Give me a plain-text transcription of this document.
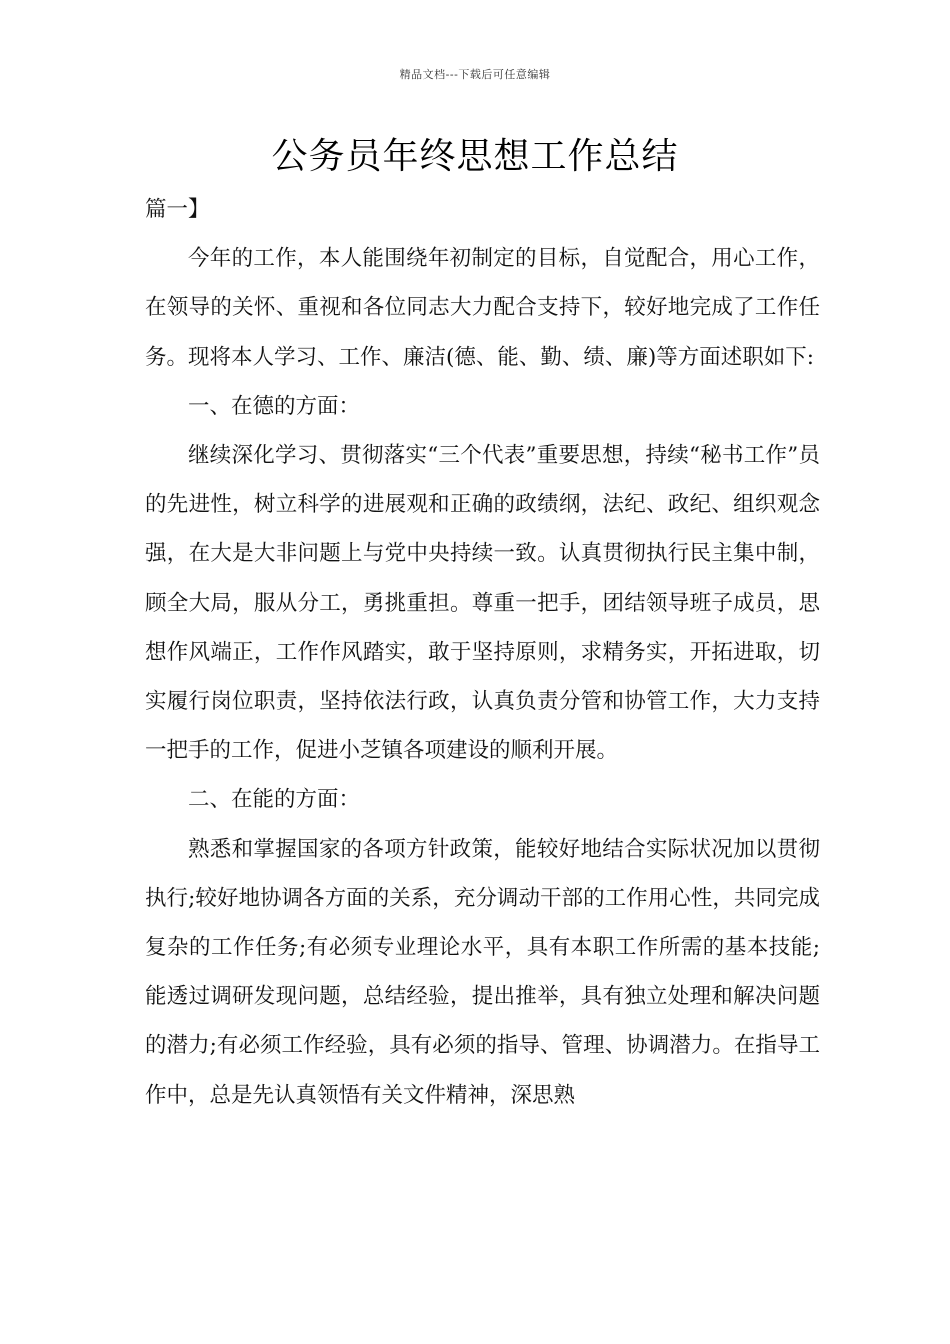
精品文档---下载后可任意编辑
公务员年终思想工作总结

篇一】

今年的工作，本人能围绕年初制定的目标，自觉配合，用心工作，在领导的关怀、重视和各位同志大力配合支持下，较好地完成了工作任务。现将本人学习、工作、廉洁(德、能、勤、绩、廉)等方面述职如下:

一、在德的方面：

继续深化学习、贯彻落实“三个代表”重要思想，持续“秘书工作”员的先进性，树立科学的进展观和正确的政绩纲，法纪、政纪、组织观念强，在大是大非问题上与党中央持续一致。认真贯彻执行民主集中制，顾全大局，服从分工，勇挑重担。尊重一把手，团结领导班子成员，思想作风端正，工作作风踏实，敢于坚持原则，求精务实，开拓进取，切实履行岗位职责，坚持依法行政，认真负责分管和协管工作，大力支持一把手的工作，促进小芝镇各项建设的顺利开展。

二、在能的方面：

熟悉和掌握国家的各项方针政策，能较好地结合实际状况加以贯彻执行;较好地协调各方面的关系，充分调动干部的工作用心性，共同完成复杂的工作任务;有必须专业理论水平，具有本职工作所需的基本技能;能透过调研发现问题，总结经验，提出推举，具有独立处理和解决问题的潜力;有必须工作经验，具有必须的指导、管理、协调潜力。在指导工作中，总是先认真领悟有关文件精神，深思熟
